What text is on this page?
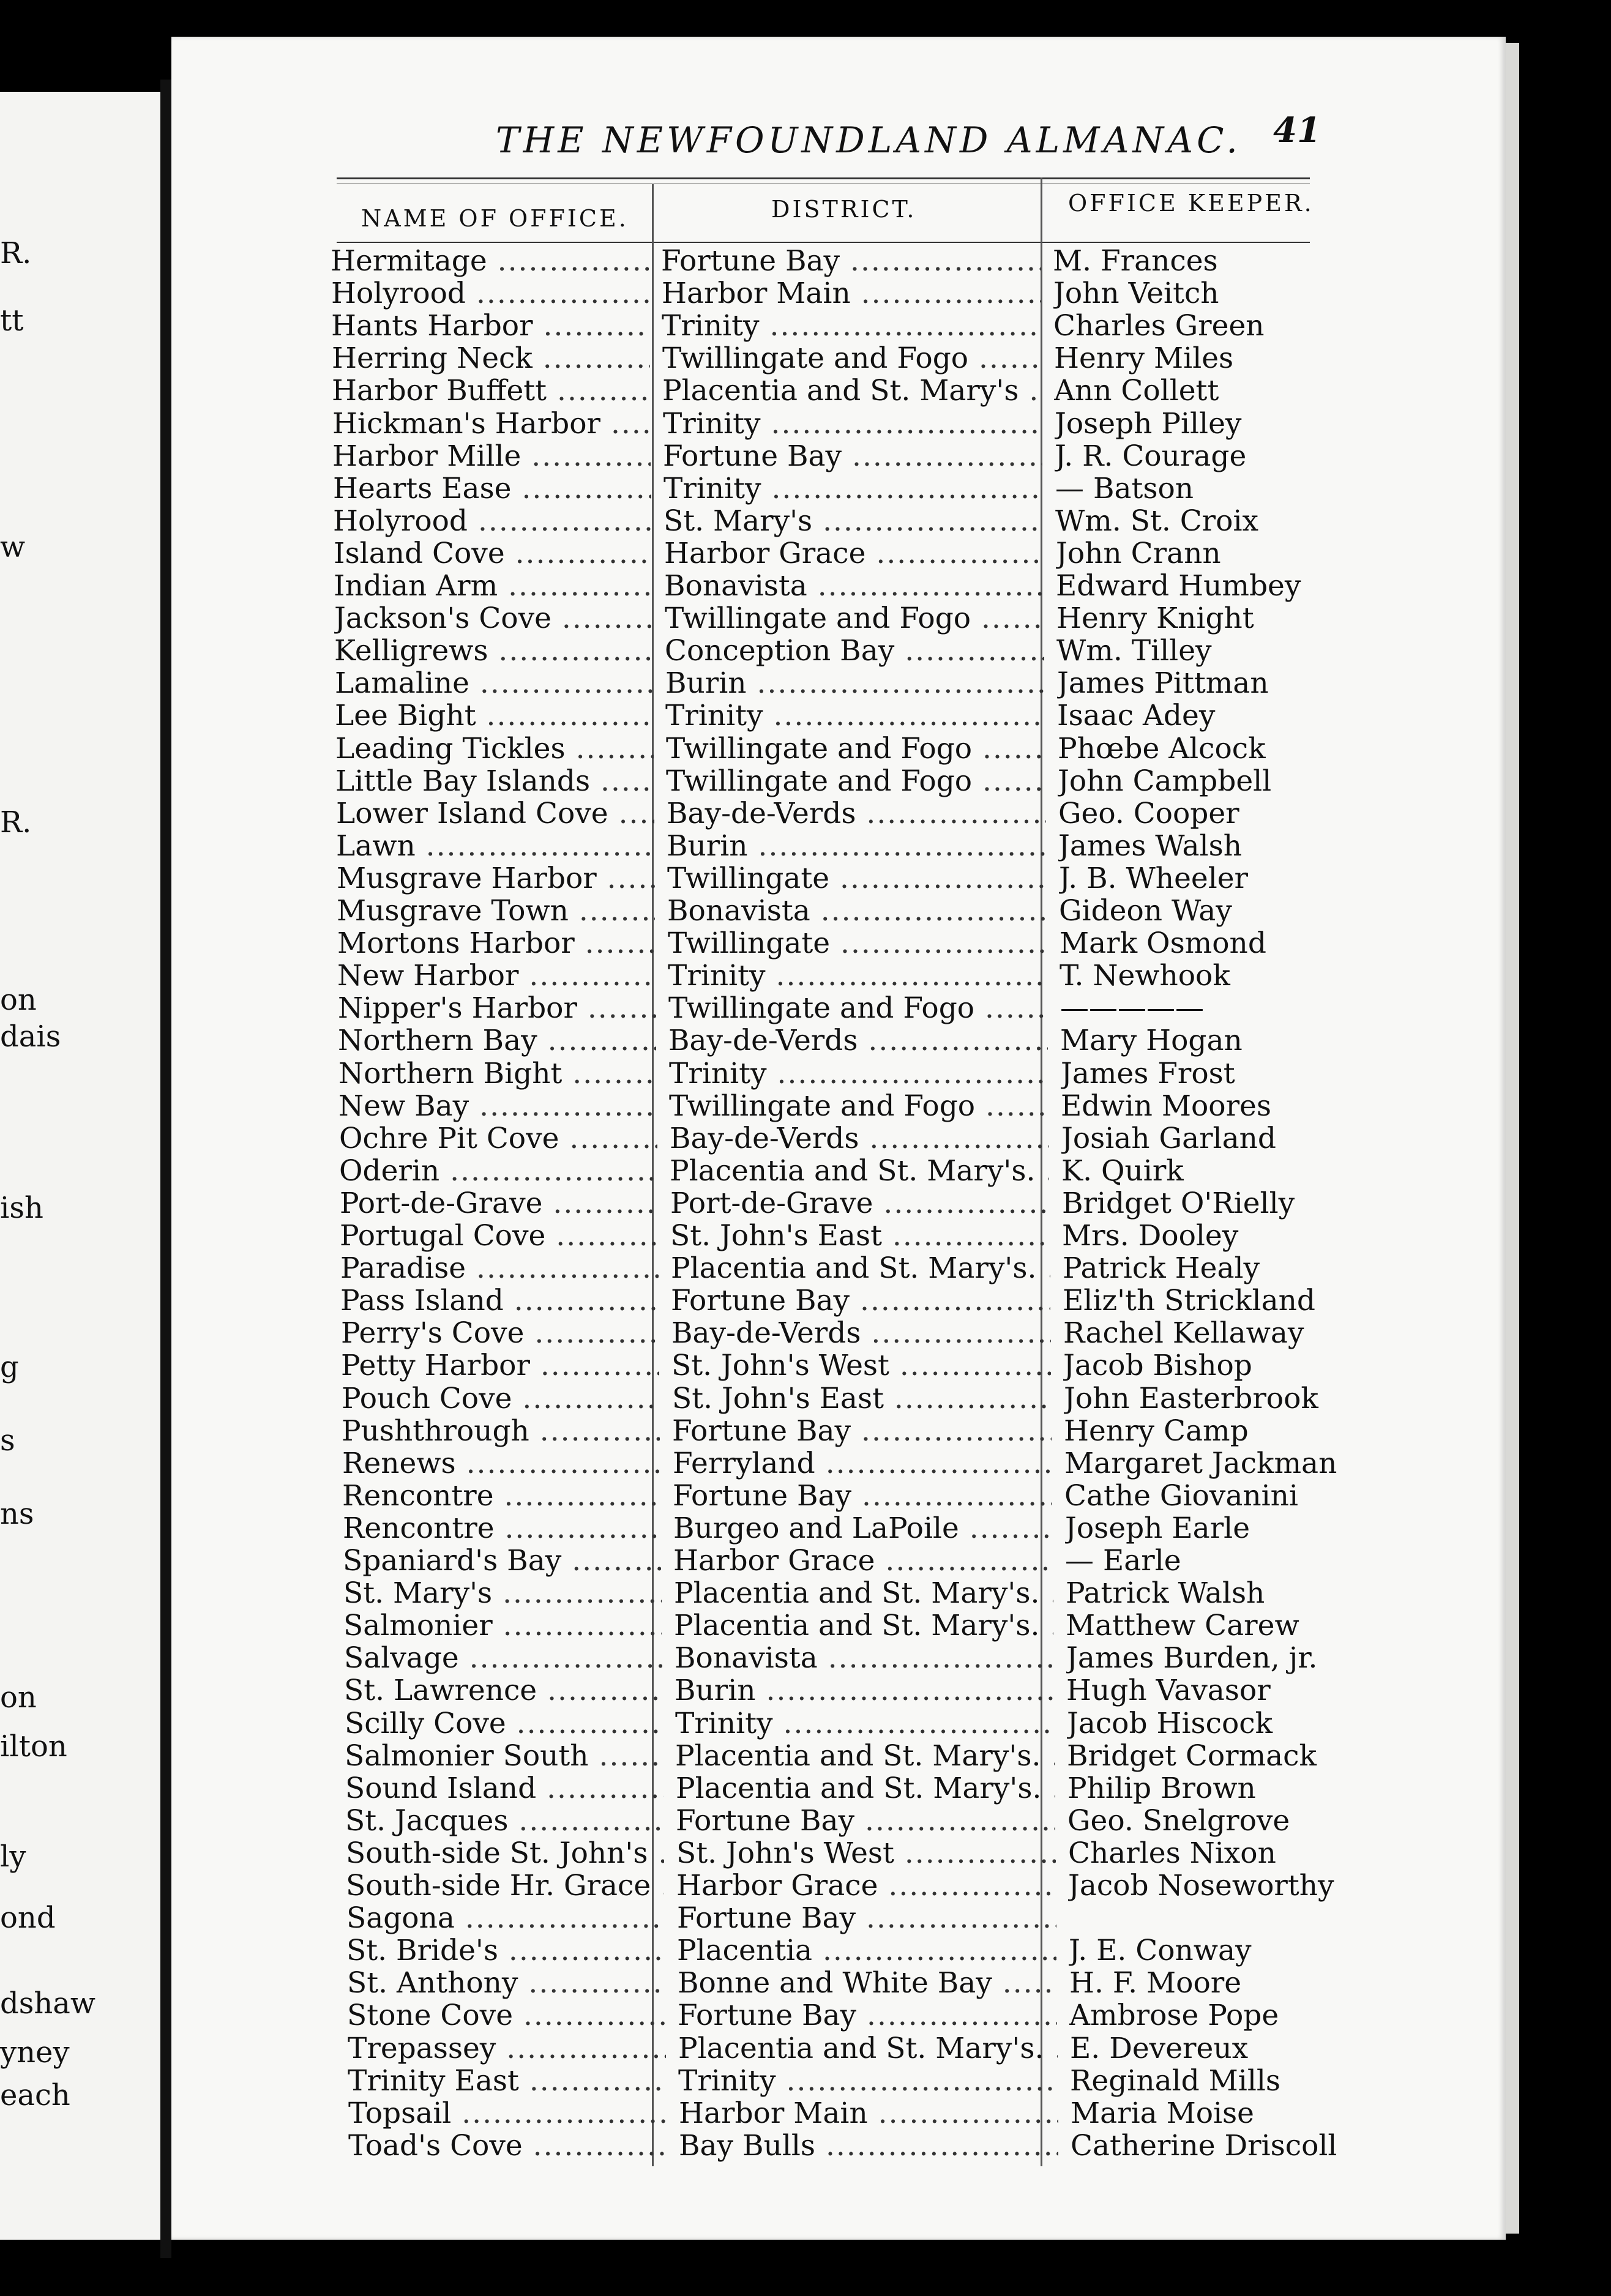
R.
tt
w
R.
on
dais
ish
g
s
ns
on
ilton
ly
ond
dshaw
yney
each
THE NEWFOUNDLAND ALMANAC. 41
NAME OF OFFICE.	DISTRICT.	OFFICE KEEPER.
Hermitage .....	Fortune Bay .....	M. Frances
Holyrood .....	Harbor Main .....	John Veitch
Hants Harbor .....	Trinity .....	Charles Green
Herring Neck .....	Twillingate and Fogo .....	Henry Miles
Harbor Buffett .....	Placentia and St. Mary's .....	Ann Collett
Hickman's Harbor .....	Trinity .....	Joseph Pilley
Harbor Mille .....	Fortune Bay .....	J. R. Courage
Hearts Ease .....	Trinity .....	— Batson
Holyrood .....	St. Mary's .....	Wm. St. Croix
Island Cove .....	Harbor Grace .....	John Crann
Indian Arm .....	Bonavista .....	Edward Humbey
Jackson's Cove .....	Twillingate and Fogo .....	Henry Knight
Kelligrews .....	Conception Bay .....	Wm. Tilley
Lamaline .....	Burin .....	James Pittman
Lee Bight .....	Trinity .....	Isaac Adey
Leading Tickles .....	Twillingate and Fogo .....	Phœbe Alcock
Little Bay Islands .....	Twillingate and Fogo .....	John Campbell
Lower Island Cove .....	Bay-de-Verds .....	Geo. Cooper
Lawn .....	Burin .....	James Walsh
Musgrave Harbor .....	Twillingate .....	J. B. Wheeler
Musgrave Town .....	Bonavista .....	Gideon Way
Mortons Harbor .....	Twillingate .....	Mark Osmond
New Harbor .....	Trinity .....	T. Newhook
Nipper's Harbor .....	Twillingate and Fogo .....	—————
Northern Bay .....	Bay-de-Verds .....	Mary Hogan
Northern Bight .....	Trinity .....	James Frost
New Bay .....	Twillingate and Fogo .....	Edwin Moores
Ochre Pit Cove .....	Bay-de-Verds .....	Josiah Garland
Oderin .....	Placentia and St. Mary's. ..... K. Quirk
Port-de-Grave .....	Port-de-Grave .....	Bridget O'Rielly
Portugal Cove .....	St. John's East .....	Mrs. Dooley
Paradise .....	Placentia and St. Mary's. ..... Patrick Healy
Pass Island .....	Fortune Bay .....	Eliz'th Strickland
Perry's Cove .....	Bay-de-Verds .....	Rachel Kellaway
Petty Harbor .....	St. John's West .....	Jacob Bishop
Pouch Cove .....	St. John's East .....	John Easterbrook
Pushthrough .....	Fortune Bay .....	Henry Camp
Renews .....	Ferryland .....	Margaret Jackman
Rencontre .....	Fortune Bay .....	Cathe Giovanini
Rencontre .....	Burgeo and LaPoile .....	Joseph Earle
Spaniard's Bay .....	Harbor Grace .....	— Earle
St. Mary's .....	Placentia and St. Mary's. ..... Patrick Walsh
Salmonier .....	Placentia and St. Mary's. ..... Matthew Carew
Salvage .....	Bonavista .....	James Burden, jr.
St. Lawrence .....	Burin .....	Hugh Vavasor
Scilly Cove .....	Trinity .....	Jacob Hiscock
Salmonier South .....	Placentia and St. Mary's. ..... Bridget Cormack
Sound Island .....	Placentia and St. Mary's. ..... Philip Brown
St. Jacques .....	Fortune Bay .....	Geo. Snelgrove
South-side St. John's ..... St. John's West .....	Charles Nixon
South-side Hr. Grace ..... Harbor Grace .....	Jacob Noseworthy
Sagona .....	Fortune Bay .....
St. Bride's .....	Placentia .....	J. E. Conway
St. Anthony .....	Bonne and White Bay .....	H. F. Moore
Stone Cove .....	Fortune Bay .....	Ambrose Pope
Trepassey .....	Placentia and St. Mary's. ..... E. Devereux
Trinity East .....	Trinity .....	Reginald Mills
Topsail .....	Harbor Main .....	Maria Moise
Toad's Cove .....	Bay Bulls .....	Catherine Driscoll
